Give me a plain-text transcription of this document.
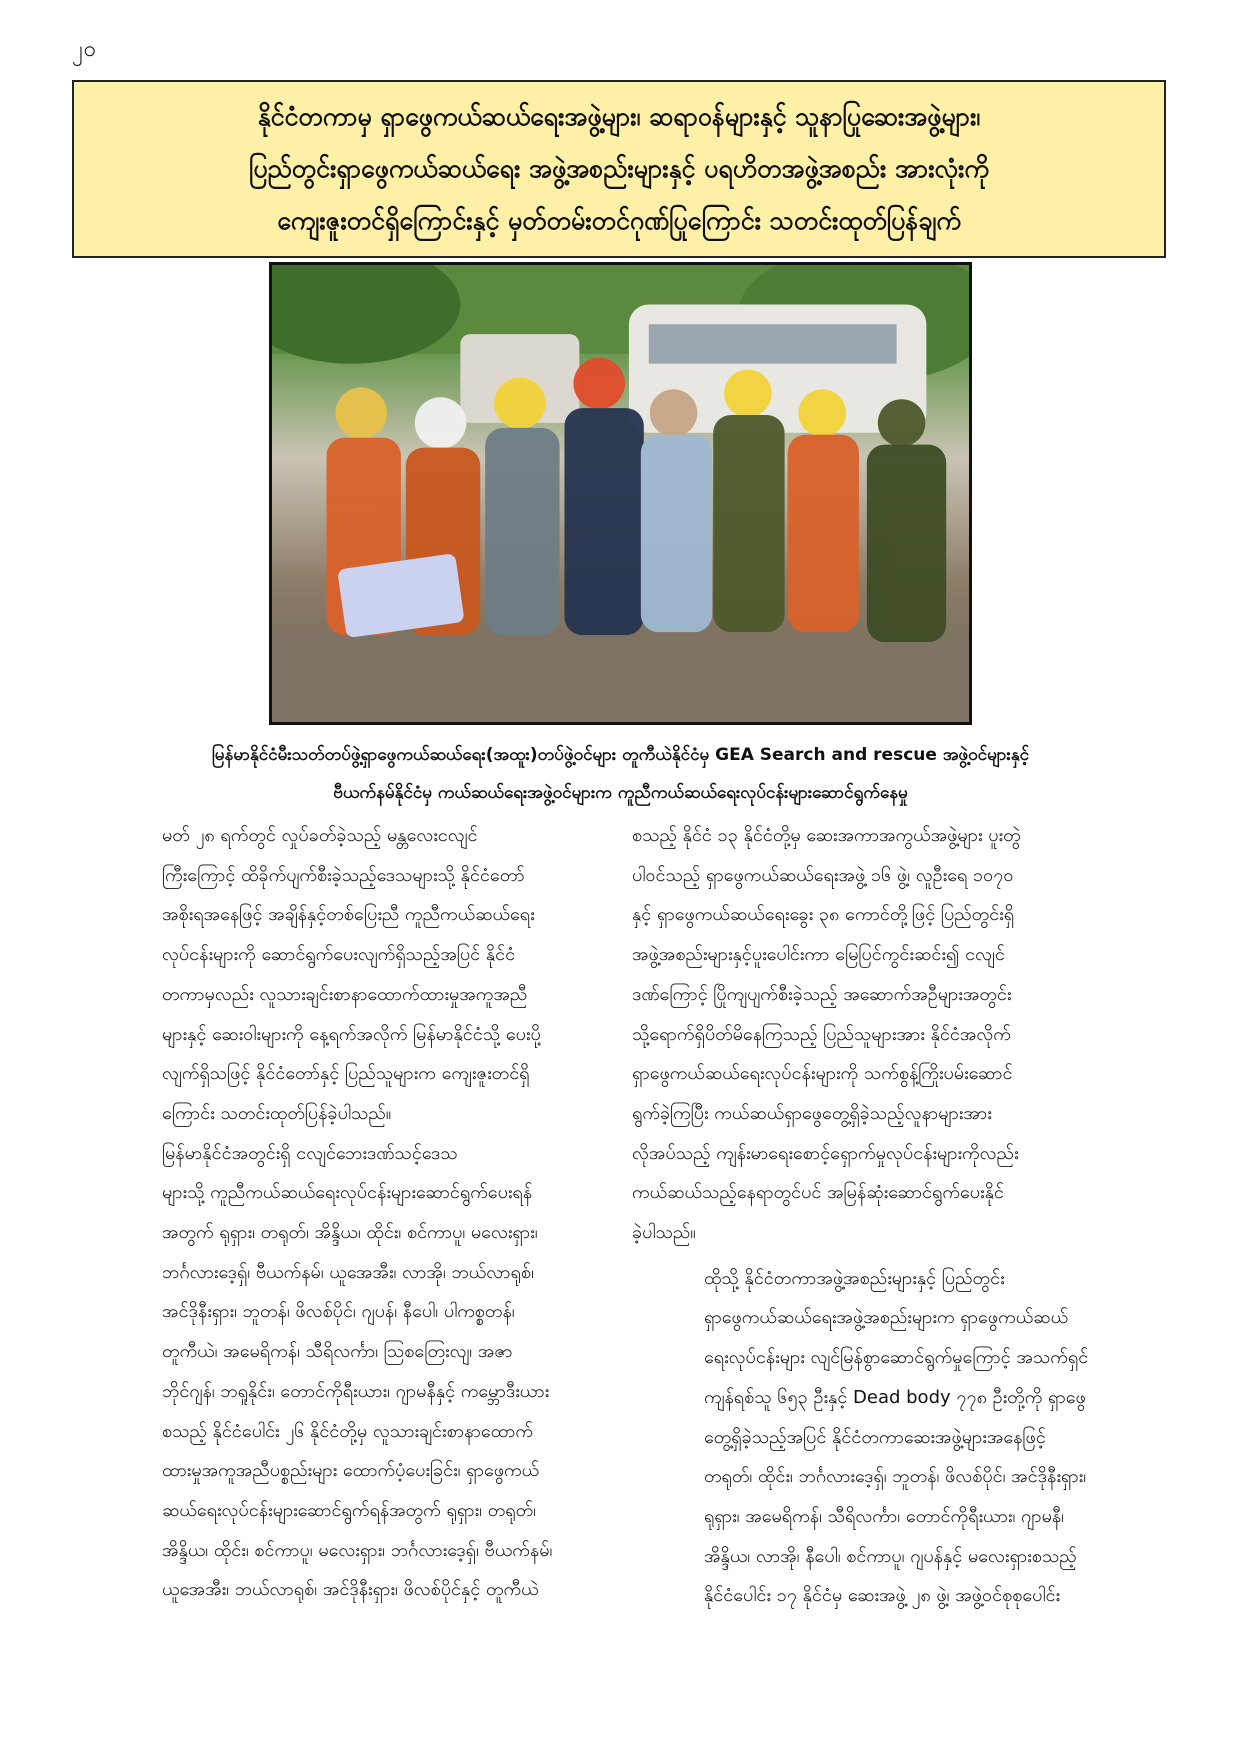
၂၀
နိုင်ငံတကာမှ ရှာဖွေကယ်ဆယ်ရေးအဖွဲ့များ၊ ဆရာဝန်များနှင့် သူနာပြုဆေးအဖွဲ့များ၊
ပြည်တွင်းရှာဖွေကယ်ဆယ်ရေး အဖွဲ့အစည်းများနှင့် ပရဟိတအဖွဲ့အစည်း အားလုံးကို
ကျေးဇူးတင်ရှိကြောင်းနှင့် မှတ်တမ်းတင်ဂုဏ်ပြုကြောင်း သတင်းထုတ်ပြန်ချက်
မြန်မာနိုင်ငံမီးသတ်တပ်ဖွဲ့ရှာဖွေကယ်ဆယ်ရေး(အထူး)တပ်ဖွဲ့ဝင်များ တူကီယဲနိုင်ငံမှ GEA Search and rescue အဖွဲ့ဝင်များနှင့်
ဗီယက်နမ်နိုင်ငံမှ ကယ်ဆယ်ရေးအဖွဲ့ဝင်များက ကူညီကယ်ဆယ်ရေးလုပ်ငန်းများဆောင်ရွက်နေမှု

မတ် ၂၈ ရက်တွင် လှုပ်ခတ်ခဲ့သည့် မန္တလေးငလျင်
ကြီးကြောင့် ထိခိုက်ပျက်စီးခဲ့သည့်ဒေသများသို့ နိုင်ငံတော်
အစိုးရအနေဖြင့် အချိန်နှင့်တစ်ပြေးညီ ကူညီကယ်ဆယ်ရေး
လုပ်ငန်းများကို ဆောင်ရွက်ပေးလျက်ရှိသည့်အပြင် နိုင်ငံ
တကာမှလည်း လူသားချင်းစာနာထောက်ထားမှုအကူအညီ
များနှင့် ဆေးဝါးများကို နေ့ရက်အလိုက် မြန်မာနိုင်ငံသို့ ပေးပို့
လျက်ရှိသဖြင့် နိုင်ငံတော်နှင့် ပြည်သူများက ကျေးဇူးတင်ရှိ
ကြောင်း သတင်းထုတ်ပြန်ခဲ့ပါသည်။

မြန်မာနိုင်ငံအတွင်းရှိ ငလျင်ဘေးဒဏ်သင့်ဒေသ
များသို့ ကူညီကယ်ဆယ်ရေးလုပ်ငန်းများဆောင်ရွက်ပေးရန်
အတွက် ရုရှား၊ တရုတ်၊ အိန္ဒိယ၊ ထိုင်း၊ စင်ကာပူ၊ မလေးရှား၊
ဘင်္ဂလားဒေ့ရှ်၊ ဗီယက်နမ်၊ ယူအေအီး၊ လာအို၊ ဘယ်လာရုစ်၊
အင်ဒိုနီးရှား၊ ဘူတန်၊ ဖိလစ်ပိုင်၊ ဂျပန်၊ နီပေါ၊ ပါကစ္စတန်၊
တူကီယဲ၊ အမေရိကန်၊ သီရိလင်္ကာ၊ ဩစတြေးလျ၊ အဇာ
ဘိုင်ဂျန်၊ ဘရူနိုင်း၊ တောင်ကိုရီးယား၊ ဂျာမနီနှင့် ကမ္ဘောဒီးယား
စသည့် နိုင်ငံပေါင်း ၂၆ နိုင်ငံတို့မှ လူသားချင်းစာနာထောက်
ထားမှုအကူအညီပစ္စည်းများ ထောက်ပံ့ပေးခြင်း၊ ရှာဖွေကယ်
ဆယ်ရေးလုပ်ငန်းများဆောင်ရွက်ရန်အတွက် ရုရှား၊ တရုတ်၊
အိန္ဒိယ၊ ထိုင်း၊ စင်ကာပူ၊ မလေးရှား၊ ဘင်္ဂလားဒေ့ရှ်၊ ဗီယက်နမ်၊
ယူအေအီး၊ ဘယ်လာရုစ်၊ အင်ဒိုနီးရှား၊ ဖိလစ်ပိုင်နှင့် တူကီယဲ

စသည့် နိုင်ငံ ၁၃ နိုင်ငံတို့မှ ဆေးအကာအကွယ်အဖွဲ့များ ပူးတွဲ
ပါဝင်သည့် ရှာဖွေကယ်ဆယ်ရေးအဖွဲ့ ၁၆ ဖွဲ့၊ လူဦးရေ ၁၀၇၀
နှင့် ရှာဖွေကယ်ဆယ်ရေးခွေး ၃၈ ကောင်တို့ဖြင့် ပြည်တွင်းရှိ
အဖွဲ့အစည်းများနှင့်ပူးပေါင်းကာ မြေပြင်ကွင်းဆင်း၍ ငလျင်
ဒဏ်ကြောင့် ပြိုကျပျက်စီးခဲ့သည့် အဆောက်အဦများအတွင်း
သို့ရောက်ရှိပိတ်မိနေကြသည့် ပြည်သူများအား နိုင်ငံအလိုက်
ရှာဖွေကယ်ဆယ်ရေးလုပ်ငန်းများကို သက်စွန့်ကြိုးပမ်းဆောင်
ရွက်ခဲ့ကြပြီး ကယ်ဆယ်ရှာဖွေတွေ့ရှိခဲ့သည့်လူနာများအား
လိုအပ်သည့် ကျန်းမာရေးစောင့်ရှောက်မှုလုပ်ငန်းများကိုလည်း
ကယ်ဆယ်သည့်နေရာတွင်ပင် အမြန်ဆုံးဆောင်ရွက်ပေးနိုင်
ခဲ့ပါသည်။

ထိုသို့ နိုင်ငံတကာအဖွဲ့အစည်းများနှင့် ပြည်တွင်း
ရှာဖွေကယ်ဆယ်ရေးအဖွဲ့အစည်းများက ရှာဖွေကယ်ဆယ်
ရေးလုပ်ငန်းများ လျင်မြန်စွာဆောင်ရွက်မှုကြောင့် အသက်ရှင်
ကျန်ရစ်သူ ၆၅၃ ဦးနှင့် Dead body ၇၇၈ ဦးတို့ကို ရှာဖွေ
တွေ့ရှိခဲ့သည့်အပြင် နိုင်ငံတကာဆေးအဖွဲ့များအနေဖြင့်
တရုတ်၊ ထိုင်း၊ ဘင်္ဂလားဒေ့ရှ်၊ ဘူတန်၊ ဖိလစ်ပိုင်၊ အင်ဒိုနီးရှား၊
ရုရှား၊ အမေရိကန်၊ သီရိလင်္ကာ၊ တောင်ကိုရီးယား၊ ဂျာမနီ၊
အိန္ဒိယ၊ လာအို၊ နီပေါ၊ စင်ကာပူ၊ ဂျပန်နှင့် မလေးရှားစသည့်
နိုင်ငံပေါင်း ၁၇ နိုင်ငံမှ ဆေးအဖွဲ့ ၂၈ ဖွဲ့၊ အဖွဲ့ဝင်စုစုပေါင်း
